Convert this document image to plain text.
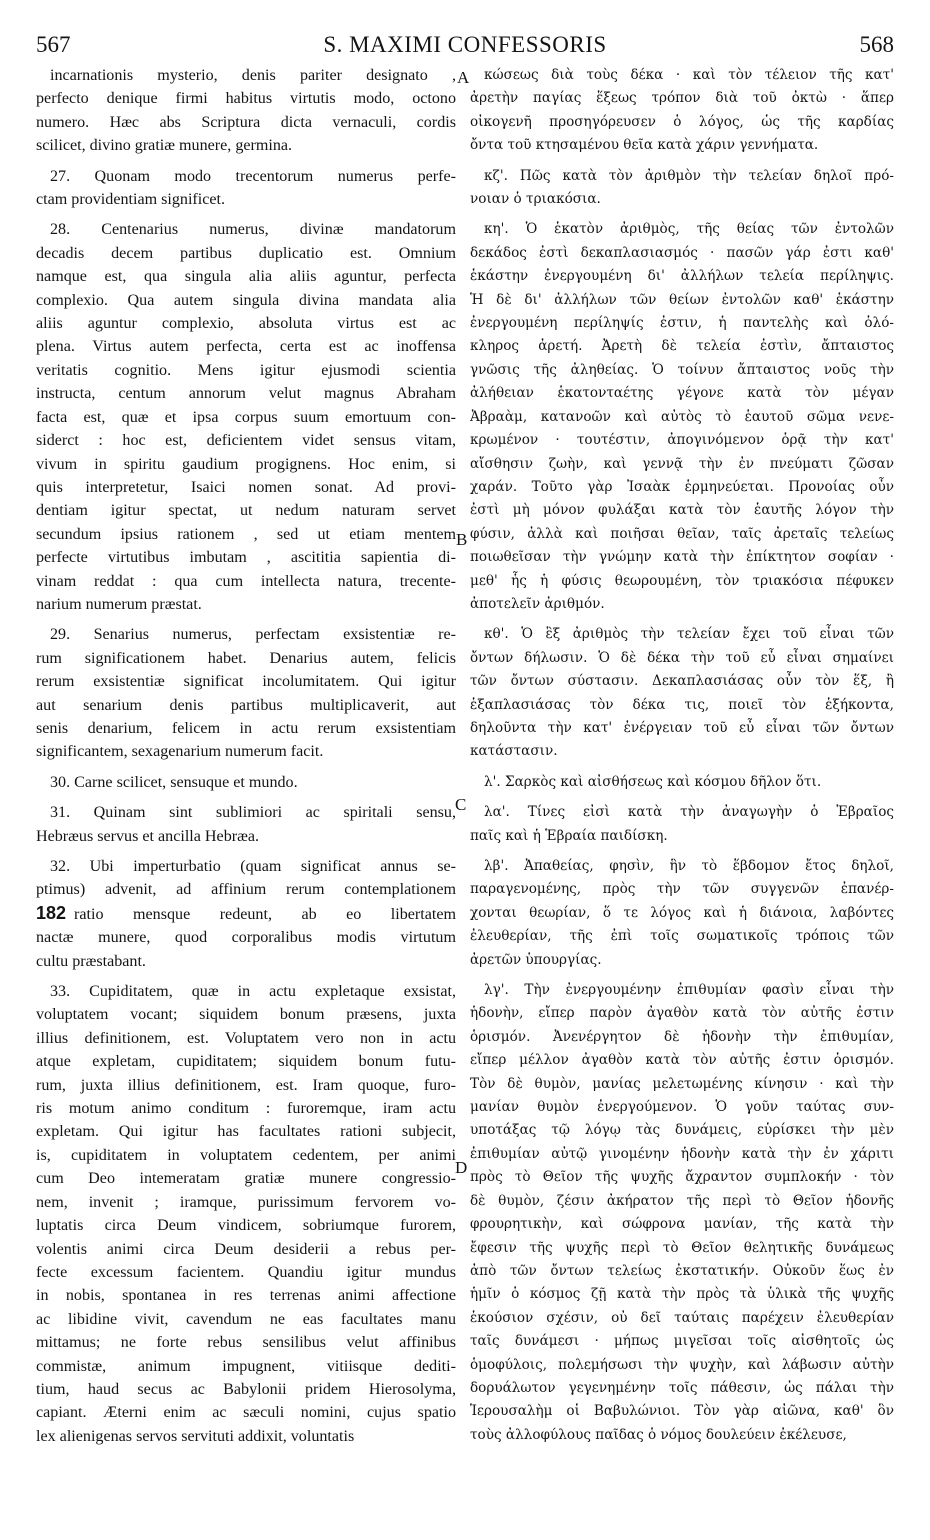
567	S. MAXIMI CONFESSORIS	568
A
B
C
D
incarnationis mysterio, denis pariter designato ,
perfecto denique firmi habitus virtutis modo, octono
numero. Hæc abs Scriptura dicta vernaculi, cordis
scilicet, divino gratiæ munere, germina.
27. Quonam modo trecentorum numerus perfe-
ctam providentiam significet.
28. Centenarius numerus, divinæ mandatorum
decadis decem partibus duplicatio est. Omnium
namque est, qua singula alia aliis aguntur, perfecta
complexio. Qua autem singula divina mandata alia
aliis aguntur complexio, absoluta virtus est ac
plena. Virtus autem perfecta, certa est ac inoffensa
veritatis cognitio. Mens igitur ejusmodi scientia
instructa, centum annorum velut magnus Abraham
facta est, quæ et ipsa corpus suum emortuum con-
siderct : hoc est, deficientem videt sensus vitam,
vivum in spiritu gaudium progignens. Hoc enim, si
quis interpretetur, Isaici nomen sonat. Ad provi-
dentiam igitur spectat, ut nedum naturam servet
secundum ipsius rationem , sed ut etiam mentem
perfecte virtutibus imbutam , ascititia sapientia di-
vinam reddat : qua cum intellecta natura, trecente-
narium numerum præstat.
29. Senarius numerus, perfectam exsistentiæ re-
rum significationem habet. Denarius autem, felicis
rerum exsistentiæ significat incolumitatem. Qui igitur
aut senarium denis partibus multiplicaverit, aut
senis denarium, felicem in actu rerum exsistentiam
significantem, sexagenarium numerum facit.
30. Carne scilicet, sensuque et mundo.
31. Quinam sint sublimiori ac spiritali sensu,
Hebræus servus et ancilla Hebræa.
32. Ubi imperturbatio (quam significat annus se-
ptimus) advenit, ad affinium rerum contemplationem
182 ratio mensque redeunt, ab eo libertatem
nactæ munere, quod corporalibus modis virtutum
cultu præstabant.
33. Cupiditatem, quæ in actu expletaque exsistat,
voluptatem vocant; siquidem bonum præsens, juxta
illius definitionem, est. Voluptatem vero non in actu
atque expletam, cupiditatem; siquidem bonum futu-
rum, juxta illius definitionem, est. Iram quoque, furo-
ris motum animo conditum : furoremque, iram actu
expletam. Qui igitur has facultates rationi subjecit,
is, cupiditatem in voluptatem cedentem, per animi
cum Deo intemeratam gratiæ munere congressio-
nem, invenit ; iramque, purissimum fervorem vo-
luptatis circa Deum vindicem, sobriumque furorem,
volentis animi circa Deum desiderii a rebus per-
fecte excessum facientem. Quandiu igitur mundus
in nobis, spontanea in res terrenas animi affectione
ac libidine vivit, cavendum ne eas facultates manu
mittamus; ne forte rebus sensilibus velut affinibus
commistæ, animum impugnent, vitiisque dediti-
tium, haud secus ac Babylonii pridem Hierosolyma,
capiant. Æterni enim ac sæculi nomini, cujus spatio
lex alienigenas servos servituti addixit, voluntatis
κώσεως διὰ τοὺς δέκα · καὶ τὸν τέλειον τῆς κατ'
ἀρετὴν παγίας ἕξεως τρόπον διὰ τοῦ ὀκτὼ · ἅπερ
οἰκογενῆ προσηγόρευσεν ὁ λόγος, ὡς τῆς καρδίας
ὄντα τοῦ κτησαμένου θεῖα κατὰ χάριν γεννήματα.
κζ'. Πῶς κατὰ τὸν ἀριθμὸν τὴν τελείαν δηλοῖ πρό-
νοιαν ὁ τριακόσια.
κη'. Ὁ ἑκατὸν ἀριθμὸς, τῆς θείας τῶν ἐντολῶν
δεκάδος ἐστὶ δεκαπλασιασμός · πασῶν γάρ ἐστι καθ'
ἑκάστην ἐνεργουμένη δι' ἀλλήλων τελεία περίληψις.
Ἡ δὲ δι' ἀλλήλων τῶν θείων ἐντολῶν καθ' ἑκάστην
ἐνεργουμένη περίληψίς ἐστιν, ἡ παντελὴς καὶ ὁλό-
κληρος ἀρετή. Ἀρετὴ δὲ τελεία ἐστὶν, ἄπταιστος
γνῶσις τῆς ἀληθείας. Ὁ τοίνυν ἄπταιστος νοῦς τὴν
ἀλήθειαν ἑκατονταέτης γέγονε κατὰ τὸν μέγαν
Ἀβραὰμ, κατανοῶν καὶ αὐτὸς τὸ ἑαυτοῦ σῶμα νενε-
κρωμένον · τουτέστιν, ἀπογινόμενον ὁρᾷ τὴν κατ'
αἴσθησιν ζωὴν, καὶ γεννᾷ τὴν ἐν πνεύματι ζῶσαν
χαράν. Τοῦτο γὰρ Ἰσαὰκ ἑρμηνεύεται. Προνοίας οὖν
ἐστὶ μὴ μόνον φυλάξαι κατὰ τὸν ἑαυτῆς λόγον τὴν
φύσιν, ἀλλὰ καὶ ποιῆσαι θεῖαν, ταῖς ἀρεταῖς τελείως
ποιωθεῖσαν τὴν γνώμην κατὰ τὴν ἐπίκτητον σοφίαν ·
μεθ' ἧς ἡ φύσις θεωρουμένη, τὸν τριακόσια πέφυκεν
ἀποτελεῖν ἀριθμόν.
κθ'. Ὁ ἓξ ἀριθμὸς τὴν τελείαν ἔχει τοῦ εἶναι τῶν
ὄντων δήλωσιν. Ὁ δὲ δέκα τὴν τοῦ εὖ εἶναι σημαίνει
τῶν ὄντων σύστασιν. Δεκαπλασιάσας οὖν τὸν ἕξ, ἢ
ἑξαπλασιάσας τὸν δέκα τις, ποιεῖ τὸν ἑξήκοντα,
δηλοῦντα τὴν κατ' ἐνέργειαν τοῦ εὖ εἶναι τῶν ὄντων
κατάστασιν.
λ'. Σαρκὸς καὶ αἰσθήσεως καὶ κόσμου δῆλον ὅτι.
λα'. Τίνες εἰσὶ κατὰ τὴν ἀναγωγὴν ὁ Ἑβραῖος
παῖς καὶ ἡ Ἑβραία παιδίσκη.
λβ'. Ἀπαθείας, φησὶν, ἣν τὸ ἕβδομον ἔτος δηλοῖ,
παραγενομένης, πρὸς τὴν τῶν συγγενῶν ἐπανέρ-
χονται θεωρίαν, ὅ τε λόγος καὶ ἡ διάνοια, λαβόντες
ἐλευθερίαν, τῆς ἐπὶ τοῖς σωματικοῖς τρόποις τῶν
ἀρετῶν ὑπουργίας.
λγ'. Τὴν ἐνεργουμένην ἐπιθυμίαν φασὶν εἶναι τὴν
ἡδονὴν, εἴπερ παρὸν ἀγαθὸν κατὰ τὸν αὐτῆς ἐστιν
ὁρισμόν. Ἀνενέργητον δὲ ἡδονὴν τὴν ἐπιθυμίαν,
εἴπερ μέλλον ἀγαθὸν κατὰ τὸν αὐτῆς ἐστιν ὁρισμόν.
Τὸν δὲ θυμὸν, μανίας μελετωμένης κίνησιν · καὶ τὴν
μανίαν θυμὸν ἐνεργούμενον. Ὁ γοῦν ταύτας συν-
υποτάξας τῷ λόγῳ τὰς δυνάμεις, εὑρίσκει τὴν μὲν
ἐπιθυμίαν αὐτῷ γινομένην ἡδονὴν κατὰ τὴν ἐν χάριτι
πρὸς τὸ Θεῖον τῆς ψυχῆς ἄχραντον συμπλοκήν · τὸν
δὲ θυμὸν, ζέσιν ἀκήρατον τῆς περὶ τὸ Θεῖον ἡδονῆς
φρουρητικὴν, καὶ σώφρονα μανίαν, τῆς κατὰ τὴν
ἔφεσιν τῆς ψυχῆς περὶ τὸ Θεῖον θελητικῆς δυνάμεως
ἀπὸ τῶν ὄντων τελείως ἐκστατικήν. Οὐκοῦν ἕως ἐν
ἡμῖν ὁ κόσμος ζῇ κατὰ τὴν πρὸς τὰ ὑλικὰ τῆς ψυχῆς
ἑκούσιον σχέσιν, οὐ δεῖ ταύταις παρέχειν ἐλευθερίαν
ταῖς δυνάμεσι · μήπως μιγεῖσαι τοῖς αἰσθητοῖς ὡς
ὁμοφύλοις, πολεμήσωσι τὴν ψυχὴν, καὶ λάβωσιν αὐτὴν
δορυάλωτον γεγενημένην τοῖς πάθεσιν, ὡς πάλαι τὴν
Ἱερουσαλὴμ οἱ Βαβυλώνιοι. Τὸν γὰρ αἰῶνα, καθ' ὃν
τοὺς ἀλλοφύλους παῖδας ὁ νόμος δουλεύειν ἐκέλευσε,
